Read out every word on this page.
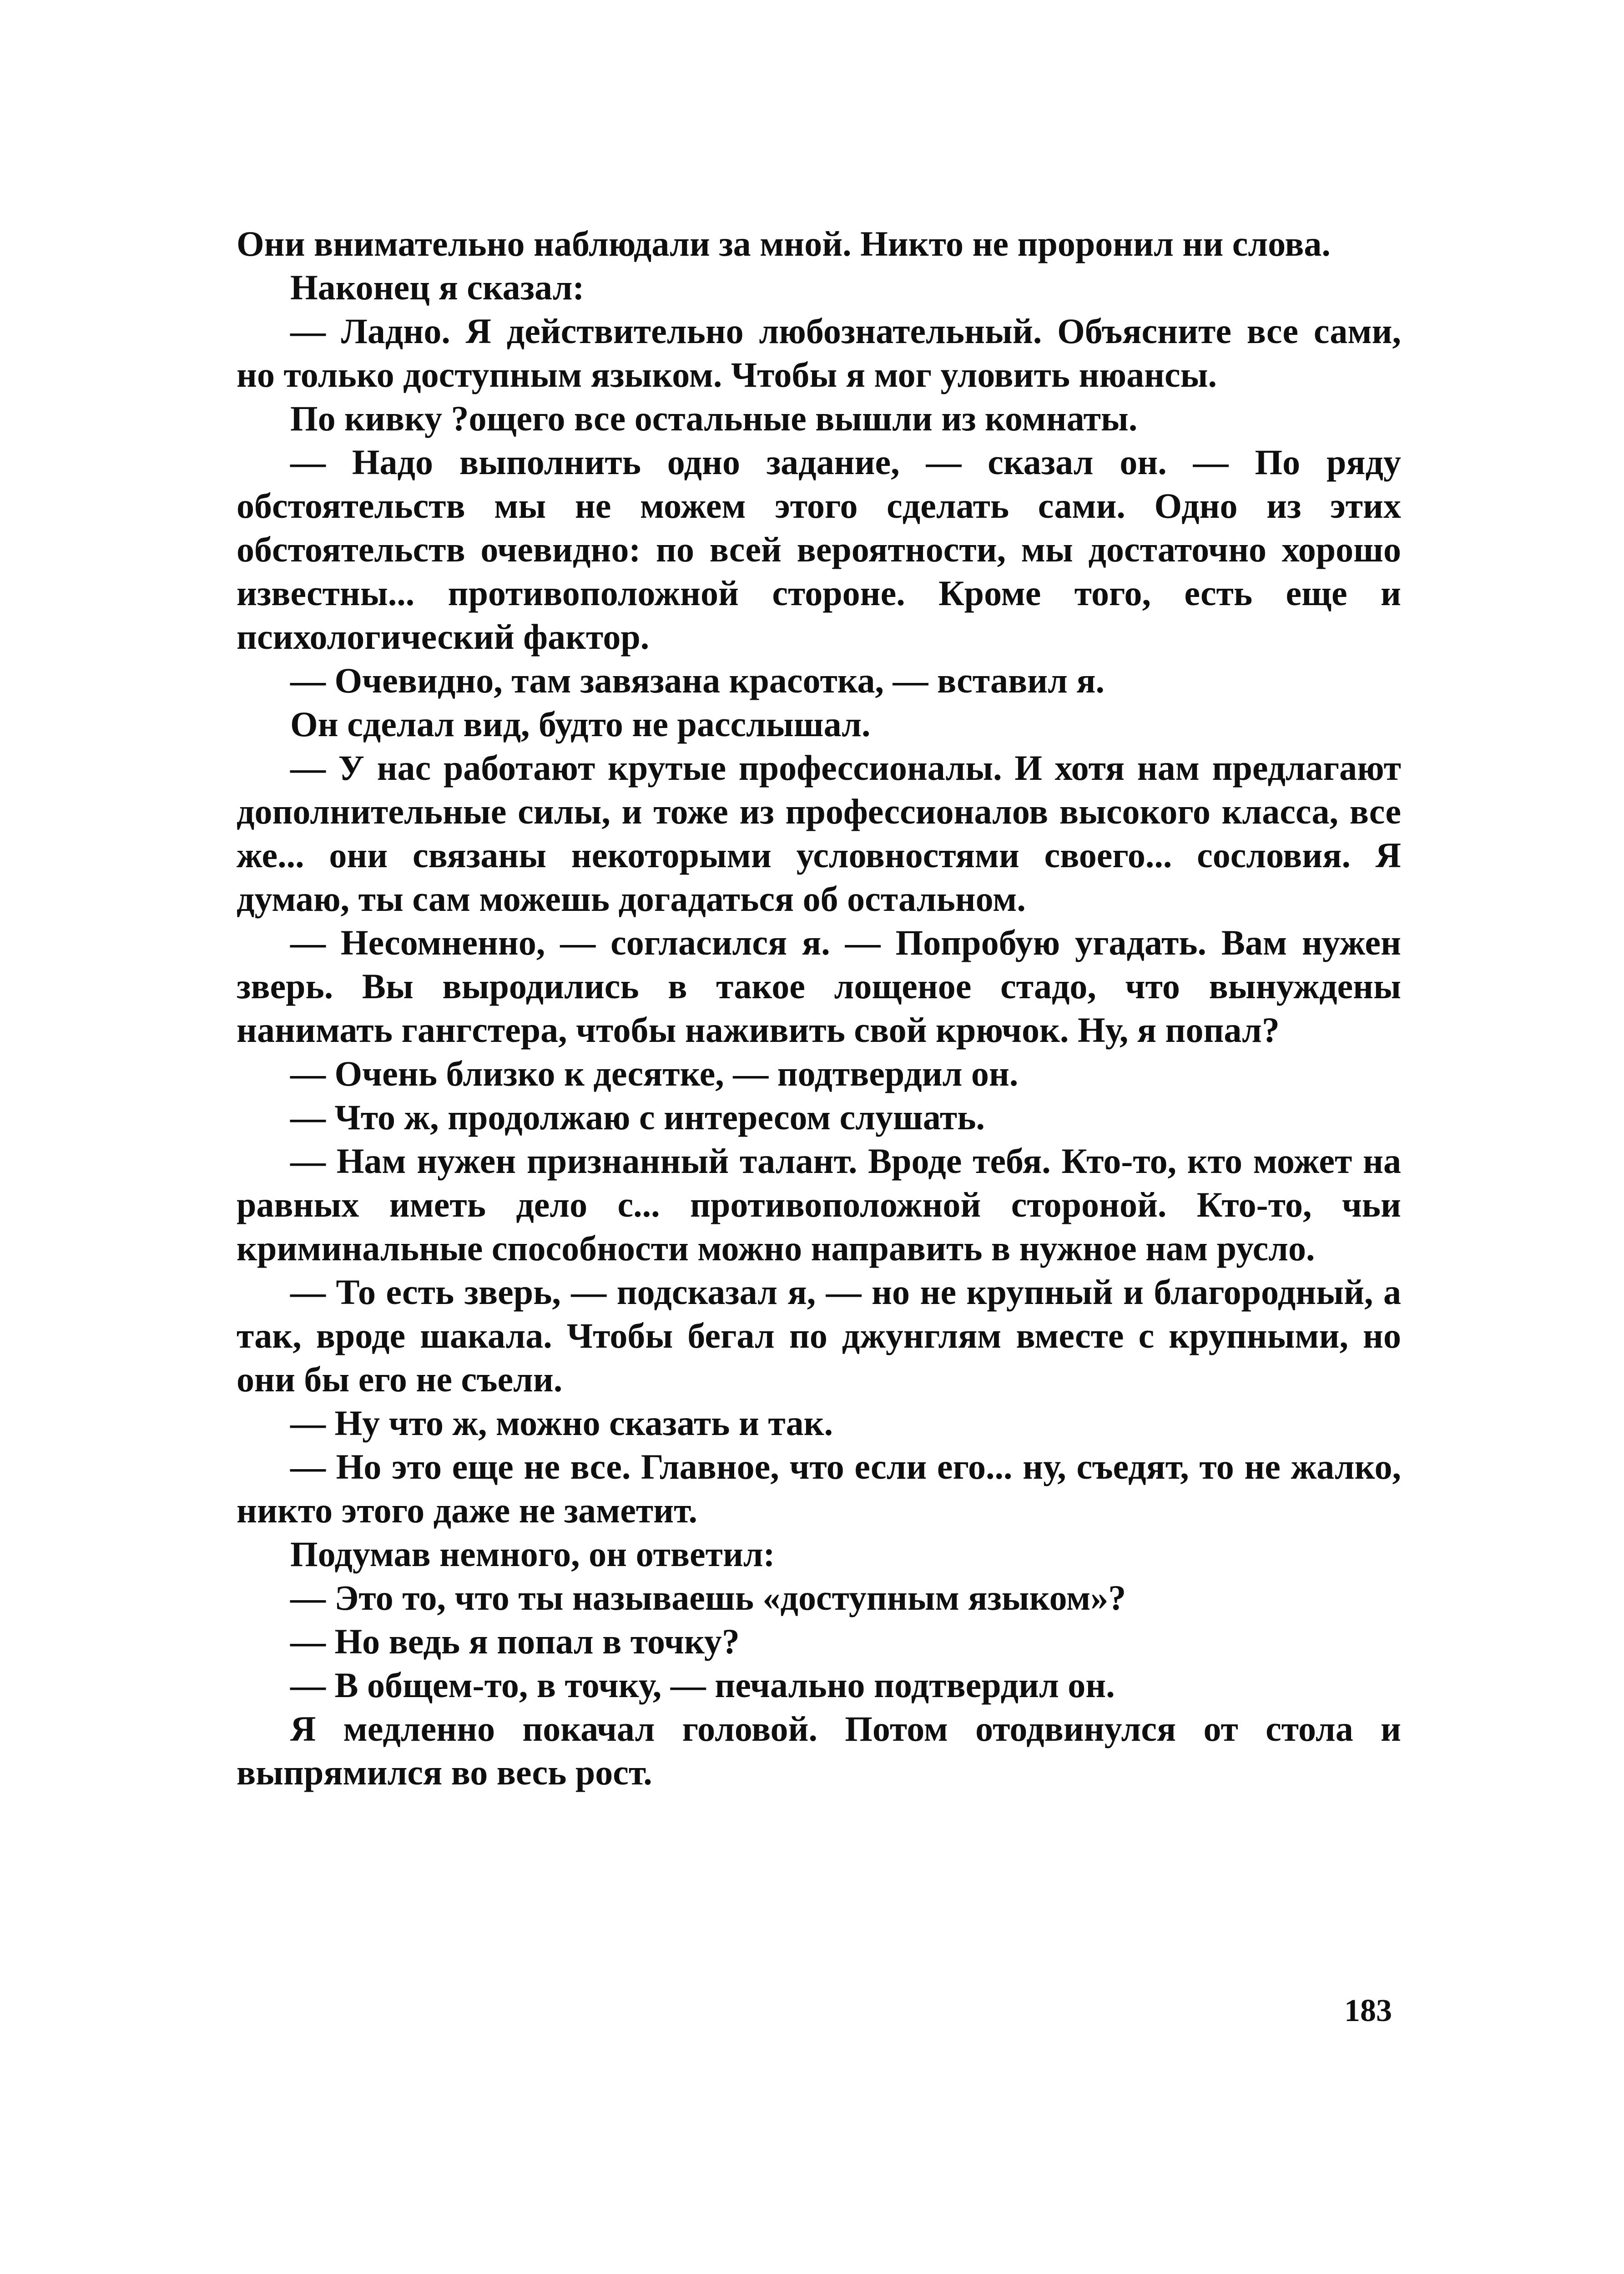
Они внимательно наблюдали за мной. Никто не проронил ни слова.

Наконец я сказал:

— Ладно. Я действительно любознательный. Объясните все сами, но только доступным языком. Чтобы я мог уловить нюансы.

По кивку ?ощего все остальные вышли из комнаты.

— Надо выполнить одно задание, — сказал он. — По ряду обстоятельств мы не можем этого сделать сами. Одно из этих обстоятельств очевидно: по всей вероятности, мы достаточно хорошо известны... противоположной стороне. Кроме того, есть еще и психологический фактор.

— Очевидно, там завязана красотка, — вставил я.

Он сделал вид, будто не расслышал.

— У нас работают крутые профессионалы. И хотя нам предлагают дополнительные силы, и тоже из профессионалов высокого класса, все же... они связаны некоторыми условностями своего... сословия. Я думаю, ты сам можешь догадаться об остальном.

— Несомненно, — согласился я. — Попробую угадать. Вам нужен зверь. Вы выродились в такое лощеное стадо, что вынуждены нанимать гангстера, чтобы наживить свой крючок. Ну, я попал?

— Очень близко к десятке, — подтвердил он.

— Что ж, продолжаю с интересом слушать.

— Нам нужен признанный талант. Вроде тебя. Кто-то, кто может на равных иметь дело с... противоположной стороной. Кто-то, чьи криминальные способности можно направить в нужное нам русло.

— То есть зверь, — подсказал я, — но не крупный и благородный, а так, вроде шакала. Чтобы бегал по джунглям вместе с крупными, но они бы его не съели.

— Ну что ж, можно сказать и так.

— Но это еще не все. Главное, что если его... ну, съедят, то не жалко, никто этого даже не заметит.

Подумав немного, он ответил:

— Это то, что ты называешь «доступным языком»?

— Но ведь я попал в точку?

— В общем-то, в точку, — печально подтвердил он.

Я медленно покачал головой. Потом отодвинулся от стола и выпрямился во весь рост.

183
